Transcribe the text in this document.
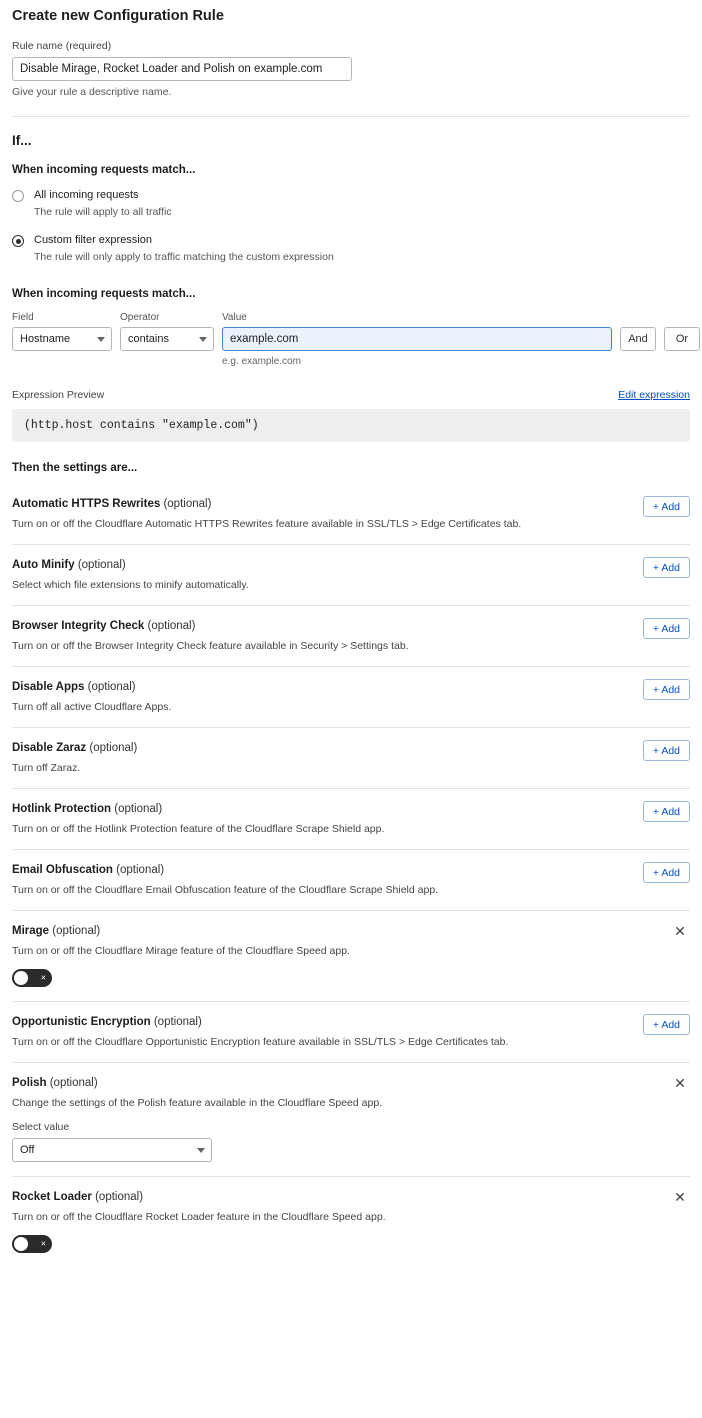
Create new Configuration Rule
Rule name (required)
Disable Mirage, Rocket Loader and Polish on example.com
Give your rule a descriptive name.
If...
When incoming requests match...
All incoming requests
The rule will apply to all traffic
Custom filter expression
The rule will only apply to traffic matching the custom expression
When incoming requests match...
Field
Hostname
Operator
contains
Value
example.com
e.g. example.com

And
	Or
Expression Preview	Edit expression
(http.host contains "example.com")
Then the settings are...
Automatic HTTPS Rewrites (optional)
Turn on or off the Cloudflare Automatic HTTPS Rewrites feature available in SSL/TLS > Edge Certificates tab.
+ Add
Auto Minify (optional)
Select which file extensions to minify automatically.
+ Add
Browser Integrity Check (optional)
Turn on or off the Browser Integrity Check feature available in Security > Settings tab.
+ Add
Disable Apps (optional)
Turn off all active Cloudflare Apps.
+ Add
Disable Zaraz (optional)
Turn off Zaraz.
+ Add
Hotlink Protection (optional)
Turn on or off the Hotlink Protection feature of the Cloudflare Scrape Shield app.
+ Add
Email Obfuscation (optional)
Turn on or off the Cloudflare Email Obfuscation feature of the Cloudflare Scrape Shield app.
+ Add
Mirage (optional)
Turn on or off the Cloudflare Mirage feature of the Cloudflare Speed app.
✕
×
Opportunistic Encryption (optional)
Turn on or off the Cloudflare Opportunistic Encryption feature available in SSL/TLS > Edge Certificates tab.
+ Add
Polish (optional)
Change the settings of the Polish feature available in the Cloudflare Speed app.
✕
Select value
Off
Rocket Loader (optional)
Turn on or off the Cloudflare Rocket Loader feature in the Cloudflare Speed app.
✕
×
